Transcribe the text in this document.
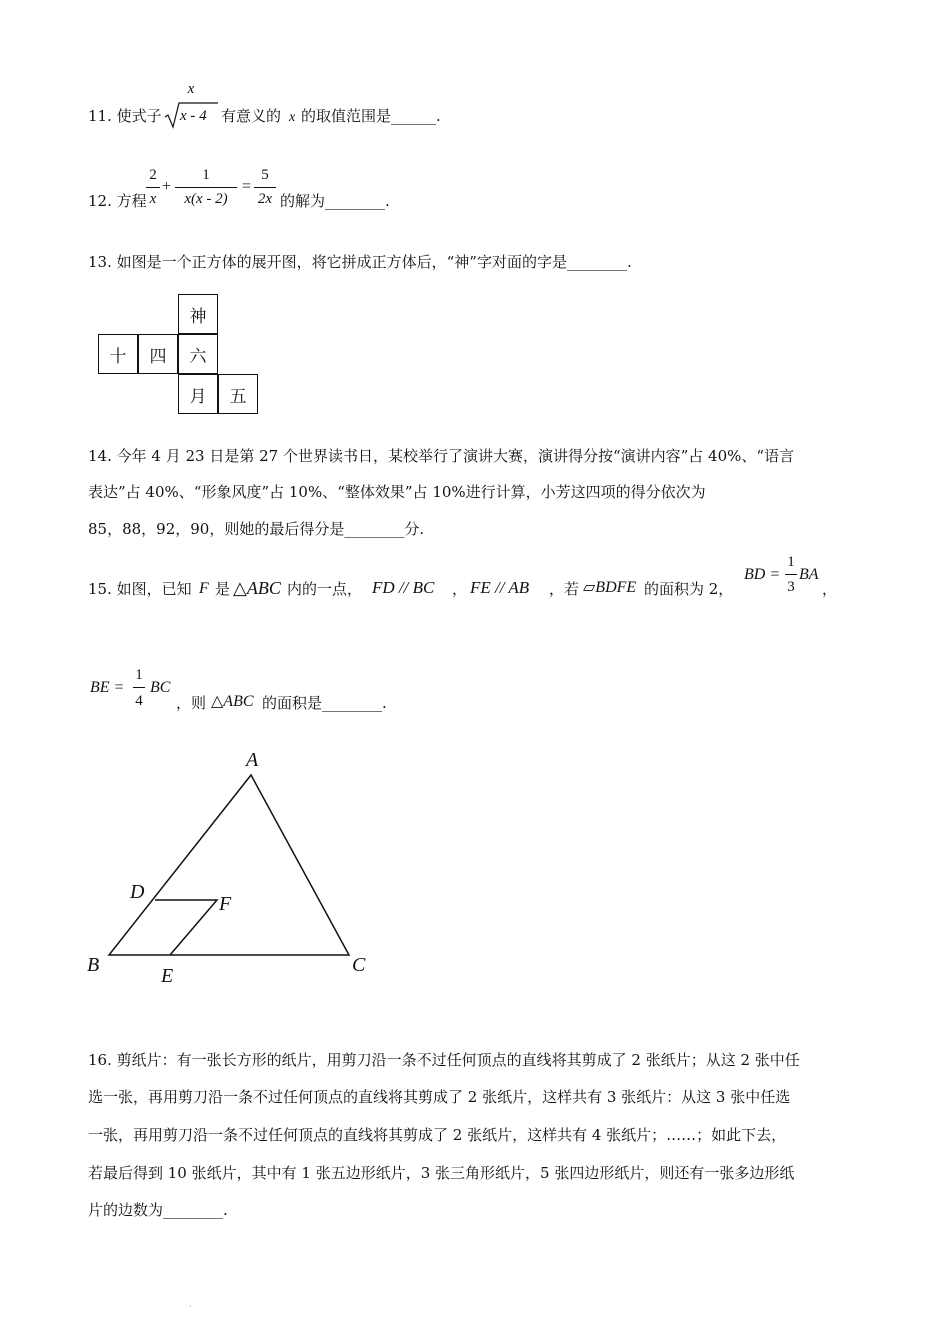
11. 使式子
x
x - 4 有意义的 x 的取值范围是______.
12. 方程
2
x
+
1
x(x - 2)
=
5
2x 的解为________.
13. 如图是一个正方体的展开图，将它拼成正方体后，“神”字对面的字是________.
神
十	四	六
月	五
14. 今年 4 月 23 日是第 27 个世界读书日，某校举行了演讲大赛，演讲得分按“演讲内容”占 40%、“语言
表达”占 40%、“形象风度”占 10%、“整体效果”占 10%进行计算，小芳这四项的得分依次为
85，88，92，90，则她的最后得分是________分.
15. 如图，已知 F 是 △ABC 内的一点， FD // BC ， FE // AB ，若 ▱BDFE 的面积为 2，
BD =
1
3
BA
，
BE =
1
4
BC
，则 △ABC 的面积是________.
A
B	C
D
E
F
16. 剪纸片：有一张长方形的纸片，用剪刀沿一条不过任何顶点的直线将其剪成了 2 张纸片；从这 2 张中任
选一张，再用剪刀沿一条不过任何顶点的直线将其剪成了 2 张纸片，这样共有 3 张纸片：从这 3 张中任选
一张，再用剪刀沿一条不过任何顶点的直线将其剪成了 2 张纸片，这样共有 4 张纸片；……；如此下去，
若最后得到 10 张纸片，其中有 1 张五边形纸片，3 张三角形纸片，5 张四边形纸片，则还有一张多边形纸
片的边数为________.
·
